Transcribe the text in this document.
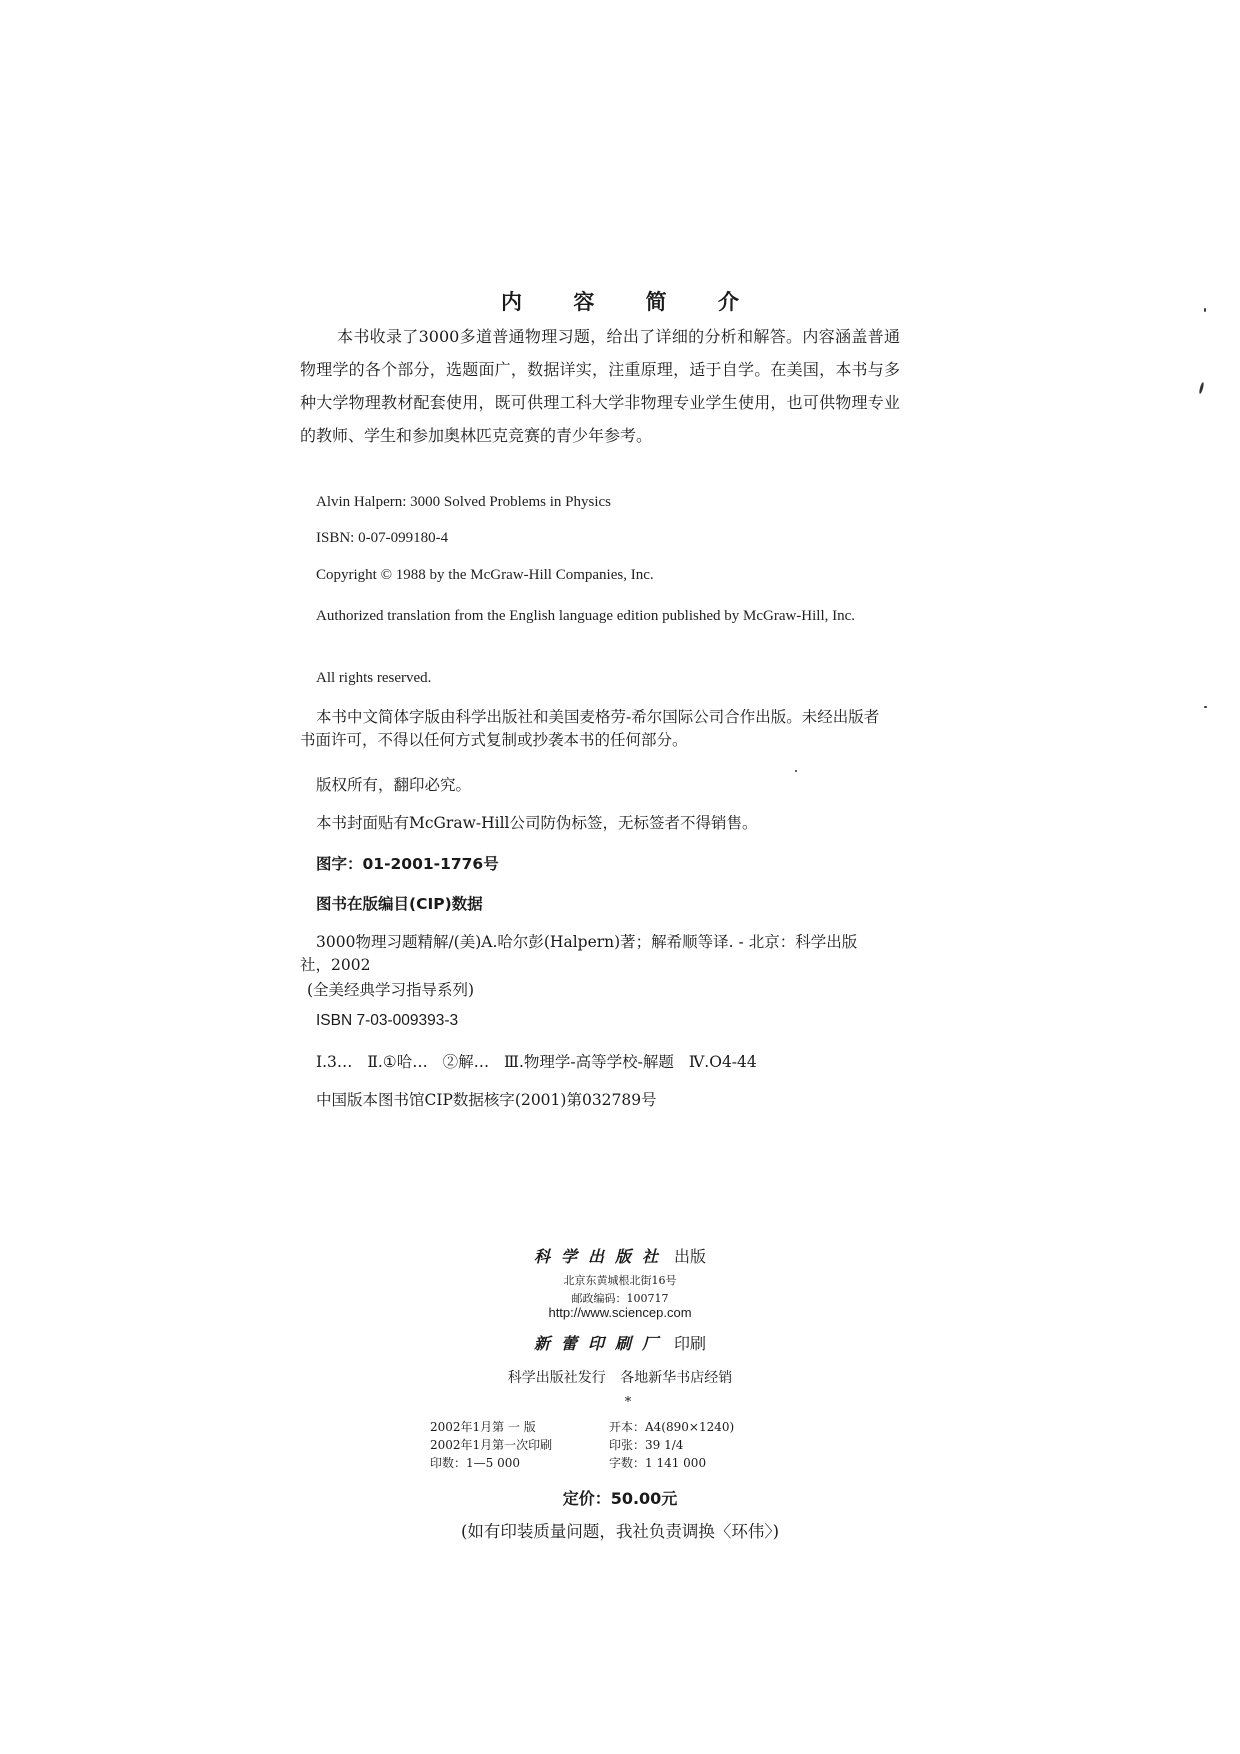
内 容 简 介
本书收录了3000多道普通物理习题，给出了详细的分析和解答。内容涵盖普通物理学的各个部分，选题面广，数据详实，注重原理，适于自学。在美国，本书与多种大学物理教材配套使用，既可供理工科大学非物理专业学生使用，也可供物理专业的教师、学生和参加奥林匹克竞赛的青少年参考。
Alvin Halpern: 3000 Solved Problems in Physics
ISBN: 0-07-099180-4
Copyright © 1988 by the McGraw-Hill Companies, Inc.
Authorized translation from the English language edition published by McGraw-Hill, Inc.
All rights reserved.
本书中文简体字版由科学出版社和美国麦格劳-希尔国际公司合作出版。未经出版者书面许可，不得以任何方式复制或抄袭本书的任何部分。
版权所有，翻印必究。
本书封面贴有McGraw-Hill公司防伪标签，无标签者不得销售。
图字：01-2001-1776号
图书在版编目(CIP)数据
3000物理习题精解/(美)A.哈尔彭(Halpern)著；解希顺等译. - 北京：科学出版社，2002
(全美经典学习指导系列)
ISBN 7-03-009393-3
Ⅰ.3… Ⅱ.①哈… ②解… Ⅲ.物理学-高等学校-解题 Ⅳ.O4-44
中国版本图书馆CIP数据核字(2001)第032789号
科学出版社 出版
北京东黄城根北街16号
邮政编码：100717
http://www.sciencep.com
新蕾印刷厂 印刷
科学出版社发行 各地新华书店经销
*
2002年1月第 一 版	开本：A4(890×1240)
2002年1月第一次印刷	印张：39 1/4
印数：1—5 000	字数：1 141 000
定价：50.00元
(如有印装质量问题，我社负责调换〈环伟〉)
